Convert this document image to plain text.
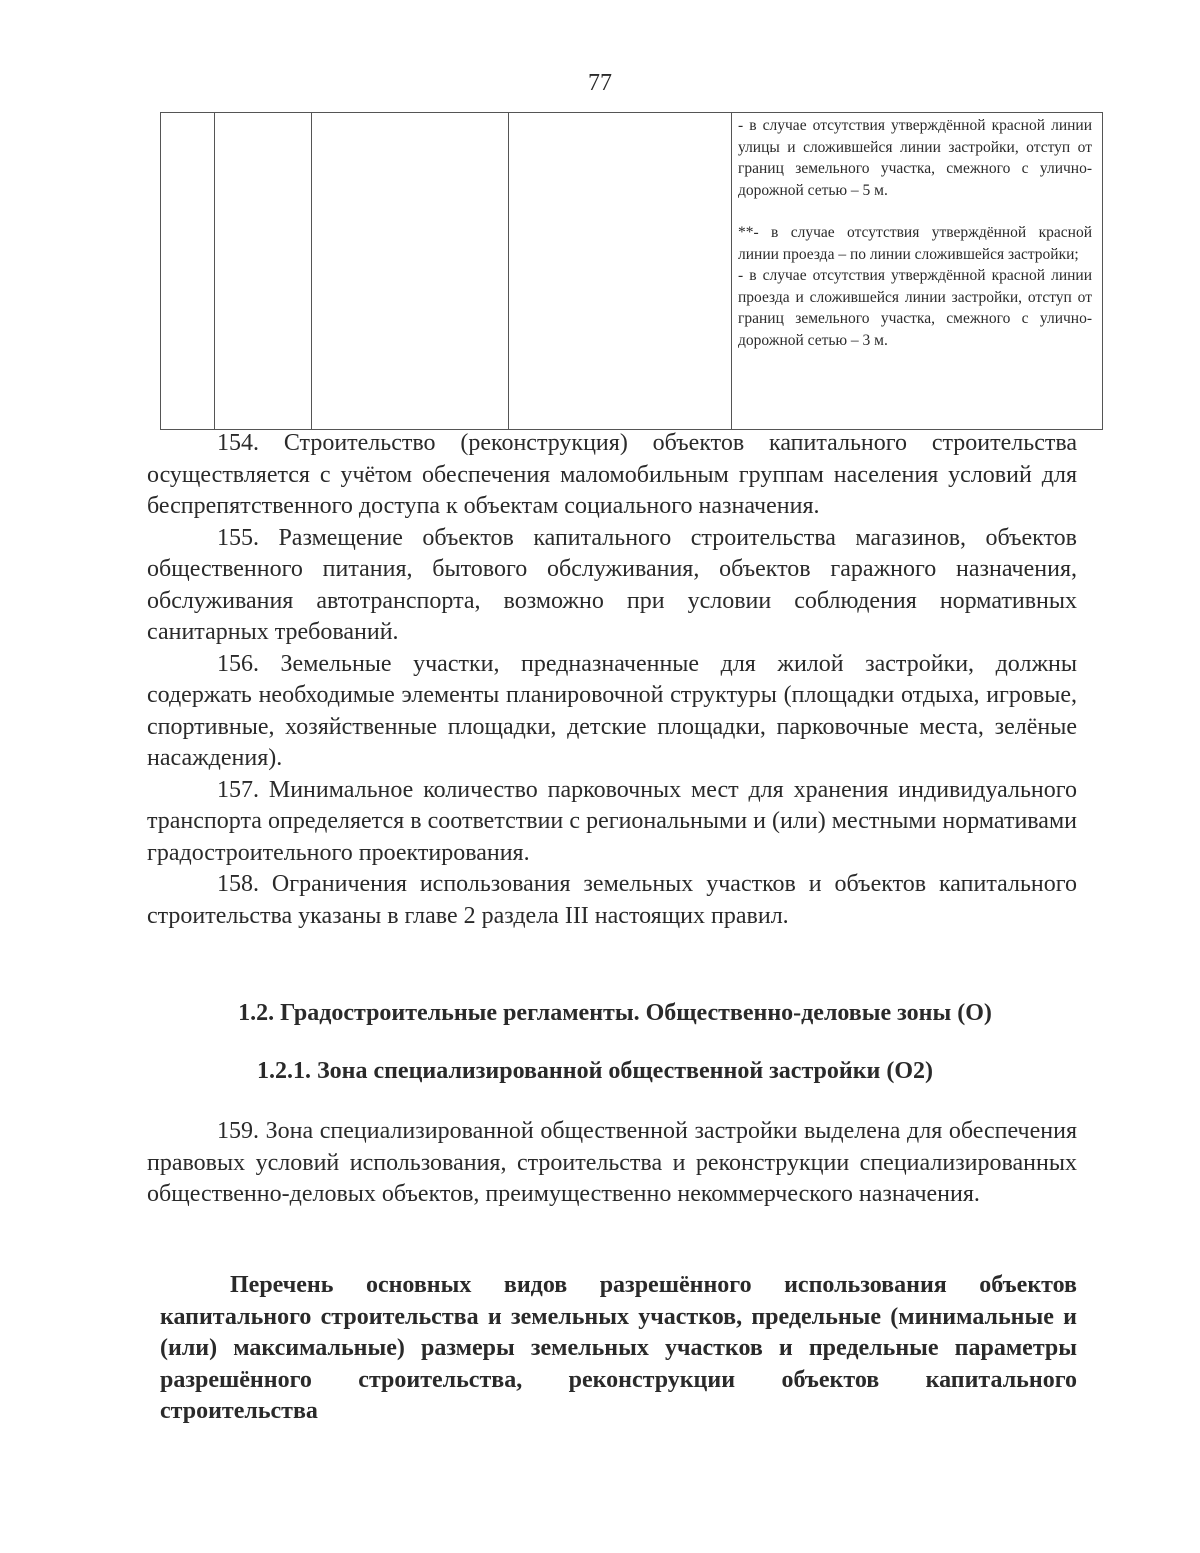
77

- в случае отсутствия утверждённой красной линии улицы и сложившейся линии застройки, отступ от границ земельного участка, смежного с улично-дорожной сетью – 5 м.

**- в случае отсутствия утверждённой красной линии проезда – по линии сложившейся застройки;

- в случае отсутствия утверждённой красной линии проезда и сложившейся линии застройки, отступ от границ земельного участка, смежного с улично-дорожной сетью – 3 м.

154. Строительство (реконструкция) объектов капитального строительства осуществляется с учётом обеспечения маломобильным группам населения условий для беспрепятственного доступа к объектам социального назначения.

155. Размещение объектов капитального строительства магазинов, объектов общественного питания, бытового обслуживания, объектов гаражного назначения, обслуживания автотранспорта, возможно при условии соблюдения нормативных санитарных требований.

156. Земельные участки, предназначенные для жилой застройки, должны содержать необходимые элементы планировочной структуры (площадки отдыха, игровые, спортивные, хозяйственные площадки, детские площадки, парковочные места, зелёные насаждения).

157. Минимальное количество парковочных мест для хранения индивидуального транспорта определяется в соответствии с региональными и (или) местными нормативами градостроительного проектирования.

158. Ограничения использования земельных участков и объектов капитального строительства указаны в главе 2 раздела III настоящих правил.

1.2. Градостроительные регламенты. Общественно-деловые зоны (О)
1.2.1. Зона специализированной общественной застройки (О2)

159. Зона специализированной общественной застройки выделена для обеспечения правовых условий использования, строительства и реконструкции специализированных общественно-деловых объектов, преимущественно некоммерческого назначения.

Перечень основных видов разрешённого использования объектов капитального строительства и земельных участков, предельные (минимальные и (или) максимальные) размеры земельных участков и предельные параметры разрешённого строительства, реконструкции объектов капитального строительства
